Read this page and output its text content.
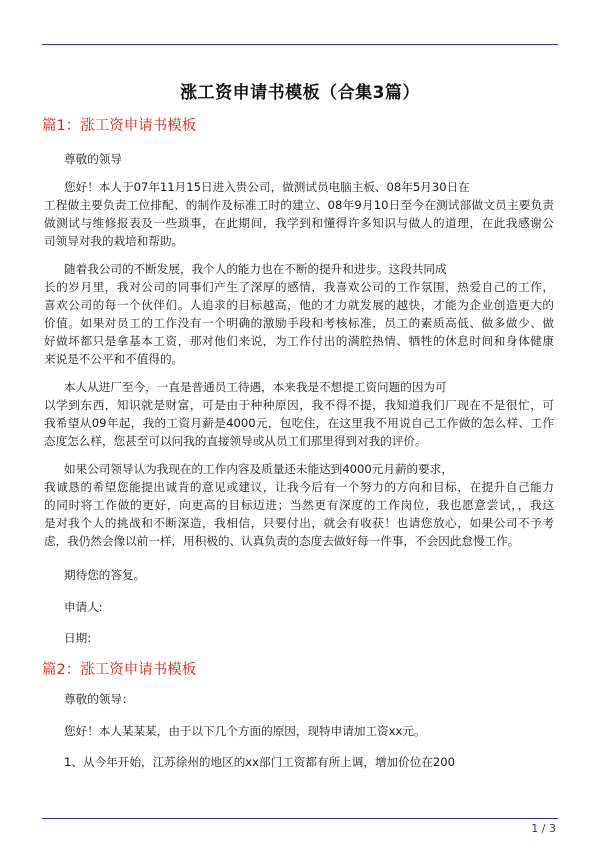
涨工资申请书模板（合集3篇）
篇1：涨工资申请书模板
尊敬的领导
您好！本人于07年11月15日进入贵公司，做测试员电脑主板、08年5月30日在
工程做主要负责工位排配、的制作及标准工时的建立、08年9月10日至今在测试部做文员主要负责
做测试与维修报表及一些琐事，在此期间，我学到和懂得许多知识与做人的道理，在此我感谢公
司领导对我的栽培和帮助。
随着我公司的不断发展，我个人的能力也在不断的提升和进步。这段共同成
长的岁月里，我对公司的同事们产生了深厚的感情，我喜欢公司的工作氛围，热爱自己的工作，
喜欢公司的每一个伙伴们。人追求的目标越高，他的才力就发展的越快，才能为企业创造更大的
价值。如果对员工的工作没有一个明确的激励手段和考核标准，员工的素质高低、做多做少、做
好做坏都只是拿基本工资，那对他们来说，为工作付出的满腔热情、牺牲的休息时间和身体健康
来说是不公平和不值得的。
本人从进厂至今，一直是普通员工待遇，本来我是不想提工资问题的因为可
以学到东西，知识就是财富，可是由于种种原因，我不得不提，我知道我们厂现在不是很忙，可
我希望从09年起，我的工资月薪是4000元，包吃住，在这里我不用说自己工作做的怎么样、工作
态度怎么样，您甚至可以问我的直接领导或从员工们那里得到对我的评价。
如果公司领导认为我现在的工作内容及质量还未能达到4000元月薪的要求，
我诚恳的希望您能提出诚肯的意见或建议，让我今后有一个努力的方向和目标，在提升自己能力
的同时将工作做的更好，向更高的目标迈进；当然更有深度的工作岗位，我也愿意尝试，，我这
是对我个人的挑战和不断深造，我相信，只要付出，就会有收获！也请您放心，如果公司不予考
虑，我仍然会像以前一样，用积极的、认真负责的态度去做好每一件事，不会因此怠慢工作。
期待您的答复。
申请人:
日期:
篇2：涨工资申请书模板
尊敬的领导：
您好！本人某某某，由于以下几个方面的原因，现特申请加工资xx元。
1、从今年开始，江苏徐州的地区的xx部门工资都有所上调，增加价位在200
1 / 3
